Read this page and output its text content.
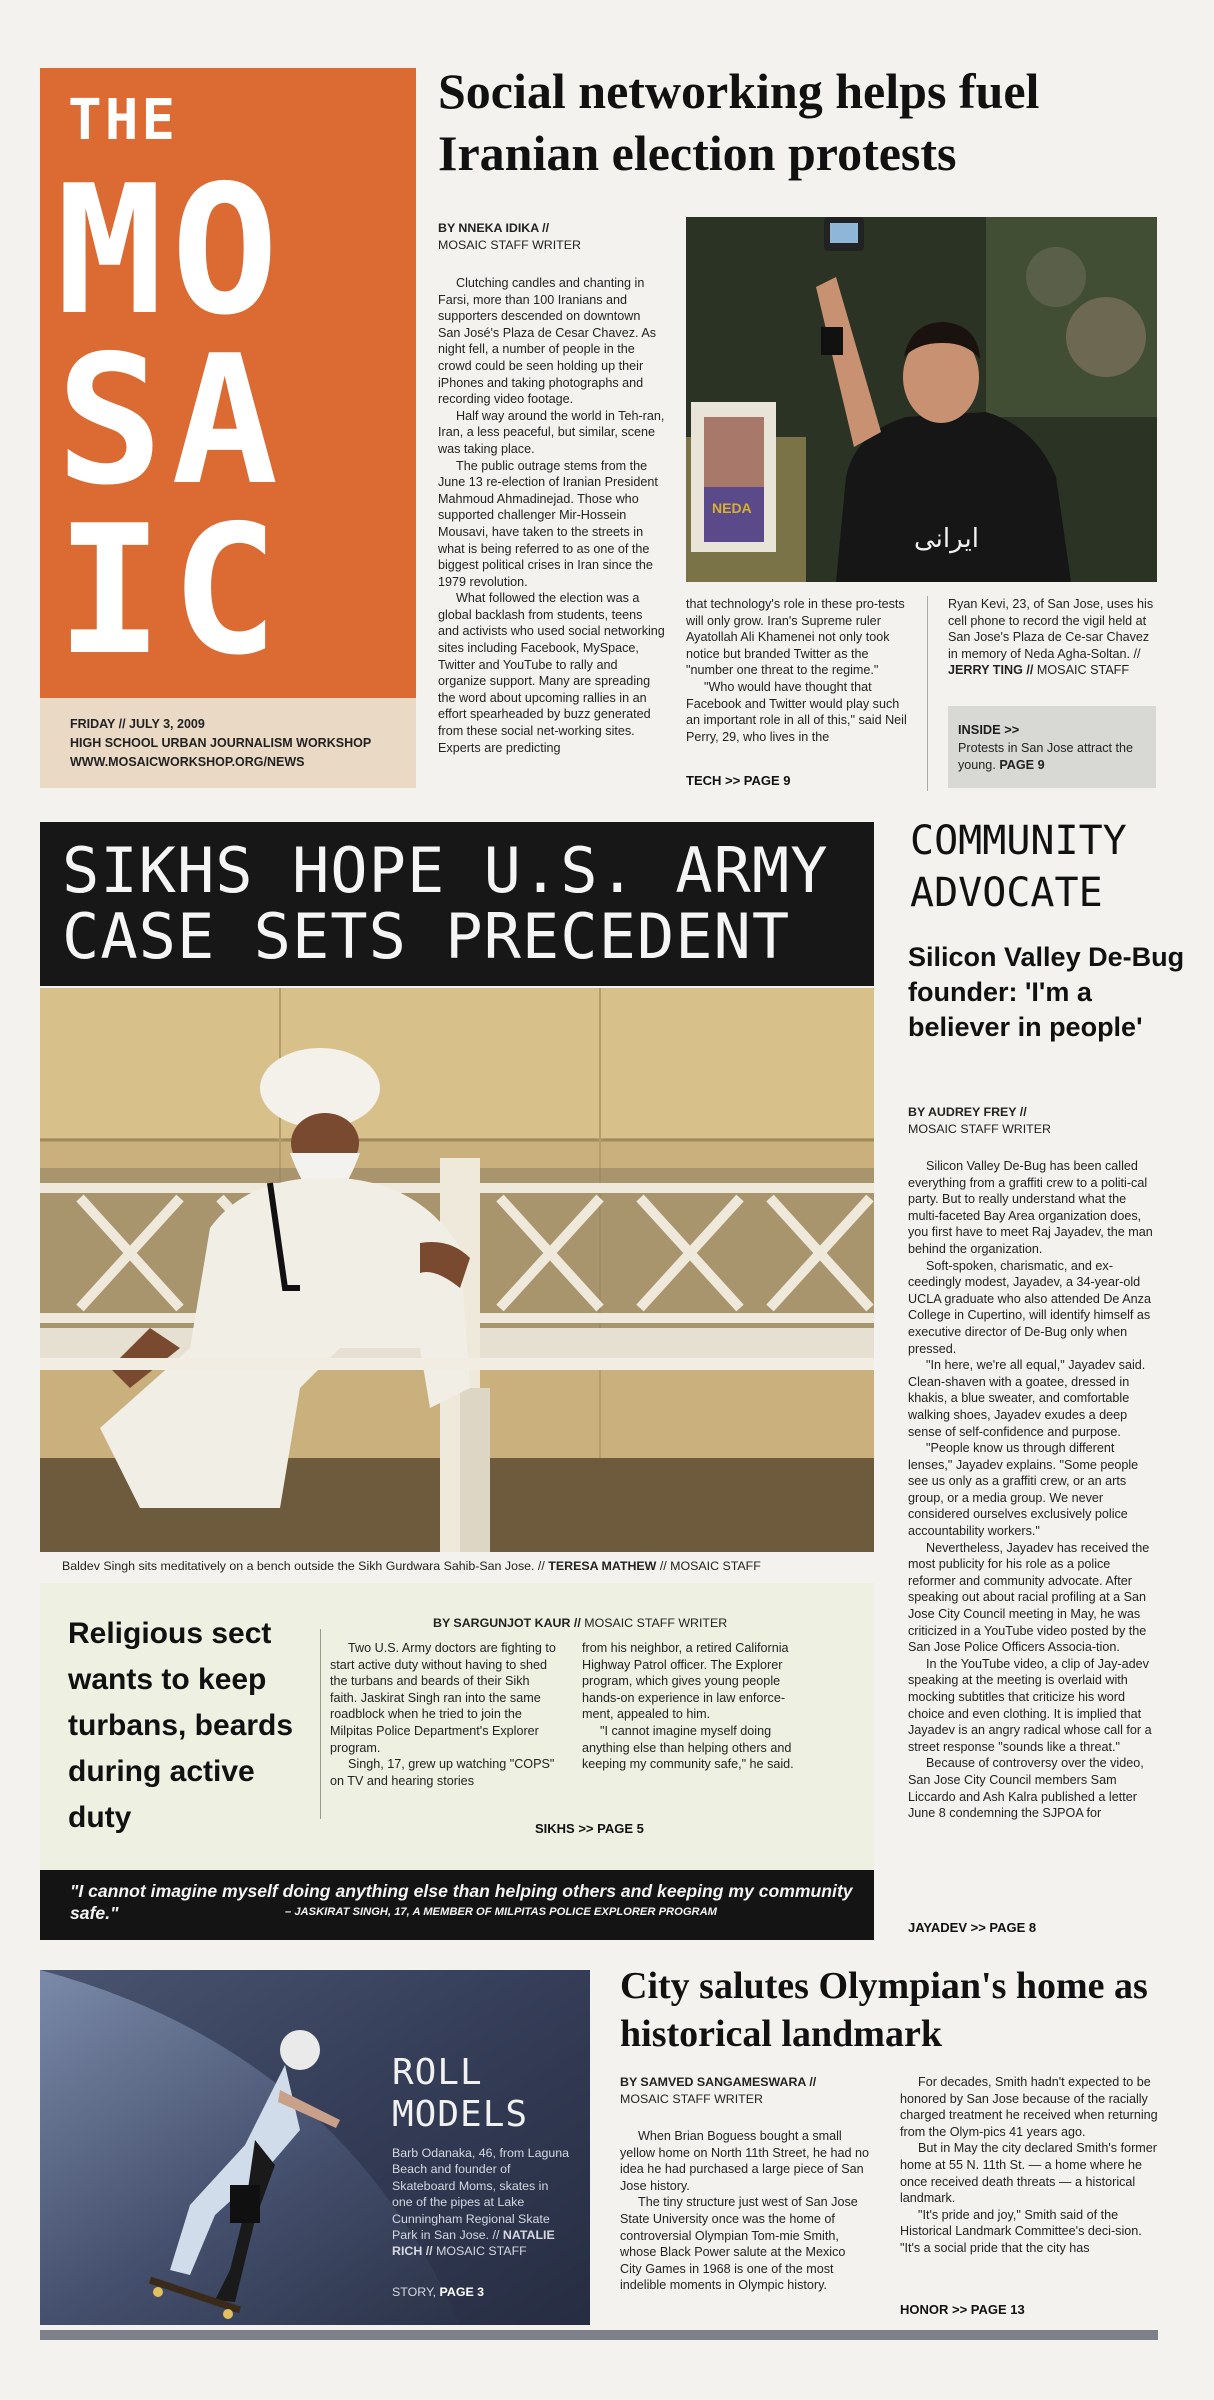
THE
MO
SA
IC
FRIDAY // JULY 3, 2009
HIGH SCHOOL URBAN JOURNALISM WORKSHOP
WWW.MOSAICWORKSHOP.ORG/NEWS
Social networking helps fuel Iranian election protests
BY NNEKA IDIKA //
MOSAIC STAFF WRITER

Clutching candles and chanting in Farsi, more than 100 Iranians and supporters descended on downtown San José's Plaza de Cesar Chavez. As night fell, a number of people in the crowd could be seen holding up their iPhones and taking photographs and recording video footage.

Half way around the world in Teh-ran, Iran, a less peaceful, but similar, scene was taking place.

The public outrage stems from the June 13 re-election of Iranian President Mahmoud Ahmadinejad. Those who supported challenger Mir-Hossein Mousavi, have taken to the streets in what is being referred to as one of the biggest political crises in Iran since the 1979 revolution.

What followed the election was a global backlash from students, teens and activists who used social networking sites including Facebook, MySpace, Twitter and YouTube to rally and organize support. Many are spreading the word about upcoming rallies in an effort spearheaded by buzz generated from these social net-working sites. Experts are predicting

NEDA
ایرانی

that technology's role in these pro-tests will only grow. Iran's Supreme ruler Ayatollah Ali Khamenei not only took notice but branded Twitter as the "number one threat to the regime."

"Who would have thought that Facebook and Twitter would play such an important role in all of this," said Neil Perry, 29, who lives in the

TECH >> PAGE 9
Ryan Kevi, 23, of San Jose, uses his cell phone to record the vigil held at San Jose's Plaza de Ce-sar Chavez in memory of Neda Agha-Soltan. // JERRY TING // MOSAIC STAFF
INSIDE >>
Protests in San Jose attract the young. PAGE 9
SIKHS HOPE U.S. ARMY
CASE SETS PRECEDENT
Baldev Singh sits meditatively on a bench outside the Sikh Gurdwara Sahib-San Jose. // TERESA MATHEW // MOSAIC STAFF
Religious sect wants to keep turbans, beards during active duty
BY SARGUNJOT KAUR // MOSAIC STAFF WRITER

Two U.S. Army doctors are fighting to start active duty without having to shed the turbans and beards of their Sikh faith. Jaskirat Singh ran into the same roadblock when he tried to join the Milpitas Police Department's Explorer program.

Singh, 17, grew up watching "COPS" on TV and hearing stories

from his neighbor, a retired California Highway Patrol officer. The Explorer program, which gives young people hands-on experience in law enforce-ment, appealed to him.

"I cannot imagine myself doing anything else than helping others and keeping my community safe," he said.

SIKHS >> PAGE 5
"I cannot imagine myself doing anything else than helping others and keeping my community safe."	– JASKIRAT SINGH, 17, A MEMBER OF MILPITAS POLICE EXPLORER PROGRAM
COMMUNITY
ADVOCATE
Silicon Valley De-Bug founder: 'I'm a believer in people'
BY AUDREY FREY //
MOSAIC STAFF WRITER

Silicon Valley De-Bug has been called everything from a graffiti crew to a politi-cal party. But to really understand what the multi-faceted Bay Area organization does, you first have to meet Raj Jayadev, the man behind the organization.

Soft-spoken, charismatic, and ex-ceedingly modest, Jayadev, a 34-year-old UCLA graduate who also attended De Anza College in Cupertino, will identify himself as executive director of De-Bug only when pressed.

"In here, we're all equal," Jayadev said. Clean-shaven with a goatee, dressed in khakis, a blue sweater, and comfortable walking shoes, Jayadev exudes a deep sense of self-confidence and purpose.

"People know us through different lenses," Jayadev explains. "Some people see us only as a graffiti crew, or an arts group, or a media group. We never considered ourselves exclusively police accountability workers."

Nevertheless, Jayadev has received the most publicity for his role as a police reformer and community advocate. After speaking out about racial profiling at a San Jose City Council meeting in May, he was criticized in a YouTube video posted by the San Jose Police Officers Associa-tion.

In the YouTube video, a clip of Jay-adev speaking at the meeting is overlaid with mocking subtitles that criticize his word choice and even clothing. It is implied that Jayadev is an angry radical whose call for a street response "sounds like a threat."

Because of controversy over the video, San Jose City Council members Sam Liccardo and Ash Kalra published a letter June 8 condemning the SJPOA for

JAYADEV >> PAGE 8
ROLL
MODELS
Barb Odanaka, 46, from Laguna Beach and founder of Skateboard Moms, skates in one of the pipes at Lake Cunningham Regional Skate Park in San Jose. // NATALIE RICH // MOSAIC STAFF
STORY, PAGE 3
City salutes Olympian's home as historical landmark
BY SAMVED SANGAMESWARA //
MOSAIC STAFF WRITER

When Brian Boguess bought a small yellow home on North 11th Street, he had no idea he had purchased a large piece of San Jose history.

The tiny structure just west of San Jose State University once was the home of controversial Olympian Tom-mie Smith, whose Black Power salute at the Mexico City Games in 1968 is one of the most indelible moments in Olympic history.

For decades, Smith hadn't expected to be honored by San Jose because of the racially charged treatment he received when returning from the Olym-pics 41 years ago.

But in May the city declared Smith's former home at 55 N. 11th St. — a home where he once received death threats — a historical landmark.

"It's pride and joy," Smith said of the Historical Landmark Committee's deci-sion. "It's a social pride that the city has

HONOR >> PAGE 13
